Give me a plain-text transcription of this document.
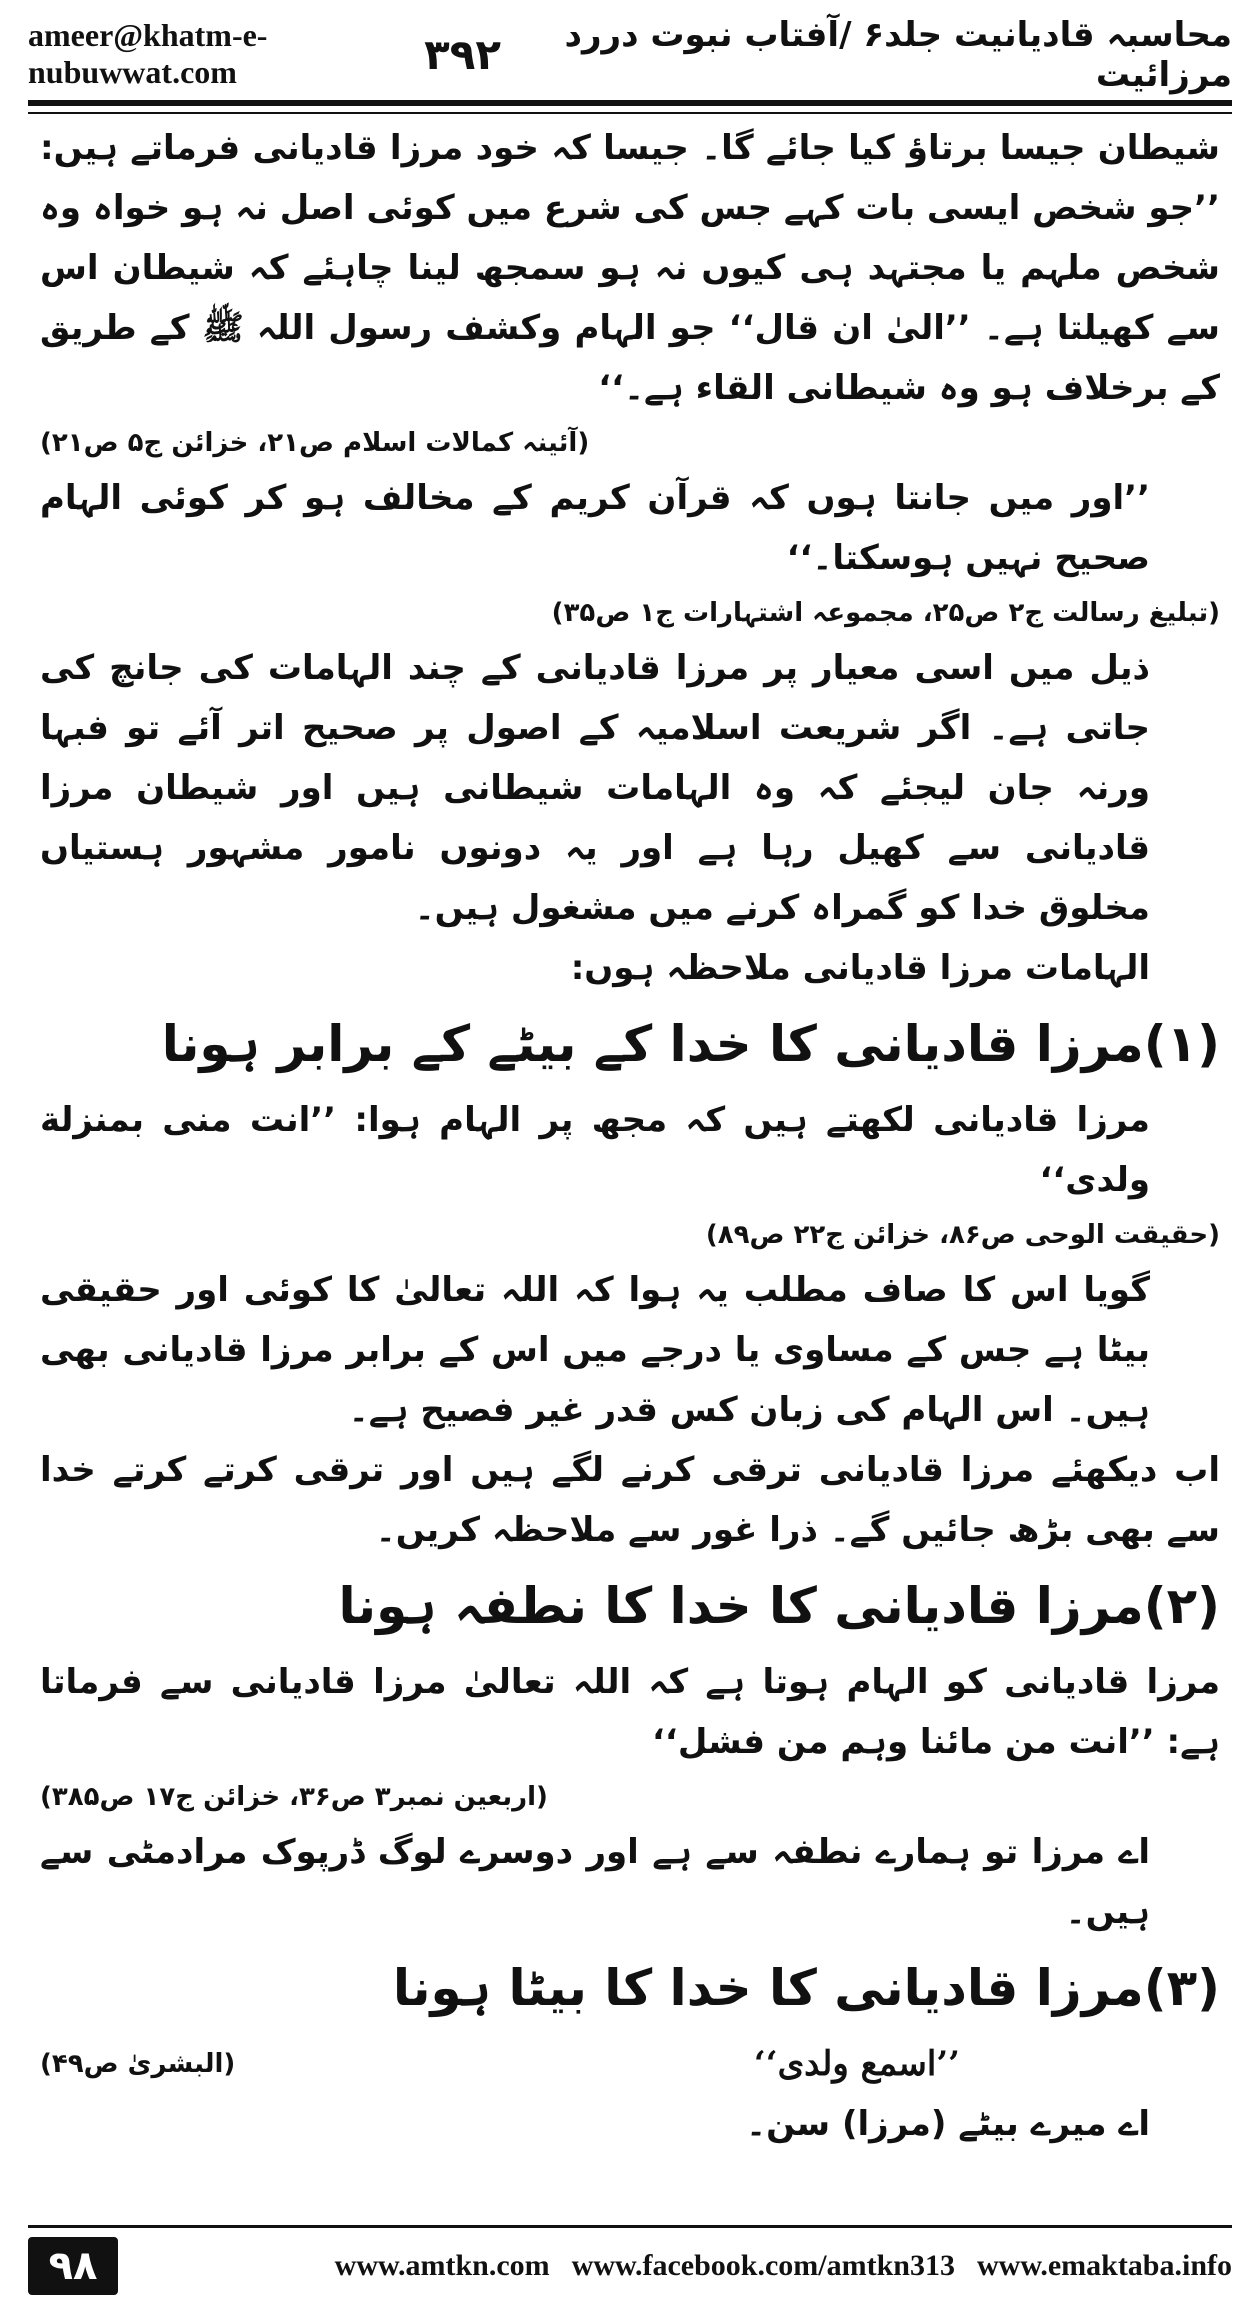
ameer@khatm-e-nubuwwat.com
محاسبہ قادیانیت جلد۶ /آفتاب نبوت دررد مرزائیت
۳۹۲

شیطان جیسا برتاؤ کیا جائے گا۔ جیسا کہ خود مرزا قادیانی فرماتے ہیں: ’’جو شخص ایسی بات کہے جس کی شرع میں کوئی اصل نہ ہو خواہ وہ شخص ملہم یا مجتہد ہی کیوں نہ ہو سمجھ لینا چاہئے کہ شیطان اس سے کھیلتا ہے۔ ’’الیٰ ان قال‘‘ جو الہام وکشف رسول اللہ ﷺ کے طریق کے برخلاف ہو وہ شیطانی القاء ہے۔‘‘

(آئینہ کمالات اسلام ص۲۱، خزائن ج۵ ص۲۱)

’’اور میں جانتا ہوں کہ قرآن کریم کے مخالف ہو کر کوئی الہام صحیح نہیں ہوسکتا۔‘‘

(تبلیغ رسالت ج۲ ص۲۵، مجموعہ اشتہارات ج۱ ص۳۵)

ذیل میں اسی معیار پر مرزا قادیانی کے چند الہامات کی جانچ کی جاتی ہے۔ اگر شریعت اسلامیہ کے اصول پر صحیح اتر آئے تو فبہا ورنہ جان لیجئے کہ وہ الہامات شیطانی ہیں اور شیطان مرزا قادیانی سے کھیل رہا ہے اور یہ دونوں نامور مشہور ہستیاں مخلوق خدا کو گمراہ کرنے میں مشغول ہیں۔

الہامات مرزا قادیانی ملاحظہ ہوں:

(۱)مرزا قادیانی کا خدا کے بیٹے کے برابر ہونا

مرزا قادیانی لکھتے ہیں کہ مجھ پر الہام ہوا: ’’انت منی بمنزلة ولدی‘‘

(حقیقت الوحی ص۸۶، خزائن ج۲۲ ص۸۹)

گویا اس کا صاف مطلب یہ ہوا کہ اللہ تعالیٰ کا کوئی اور حقیقی بیٹا ہے جس کے مساوی یا درجے میں اس کے برابر مرزا قادیانی بھی ہیں۔ اس الہام کی زبان کس قدر غیر فصیح ہے۔

اب دیکھئے مرزا قادیانی ترقی کرنے لگے ہیں اور ترقی کرتے کرتے خدا سے بھی بڑھ جائیں گے۔ ذرا غور سے ملاحظہ کریں۔

(۲)مرزا قادیانی کا خدا کا نطفہ ہونا

مرزا قادیانی کو الہام ہوتا ہے کہ اللہ تعالیٰ مرزا قادیانی سے فرماتا ہے: ’’انت من مائنا وہم من فشل‘‘

(اربعین نمبر۳ ص۳۶، خزائن ج۱۷ ص۳۸۵)

اے مرزا تو ہمارے نطفہ سے ہے اور دوسرے لوگ ڈرپوک مرادمٹی سے ہیں۔

(۳)مرزا قادیانی کا خدا کا بیٹا ہونا
’’اسمع ولدی‘‘
(البشریٰ ص۴۹)

اے میرے بیٹے (مرزا) سن۔

۹۸	www.amtkn.com www.facebook.com/amtkn313 www.emaktaba.info
